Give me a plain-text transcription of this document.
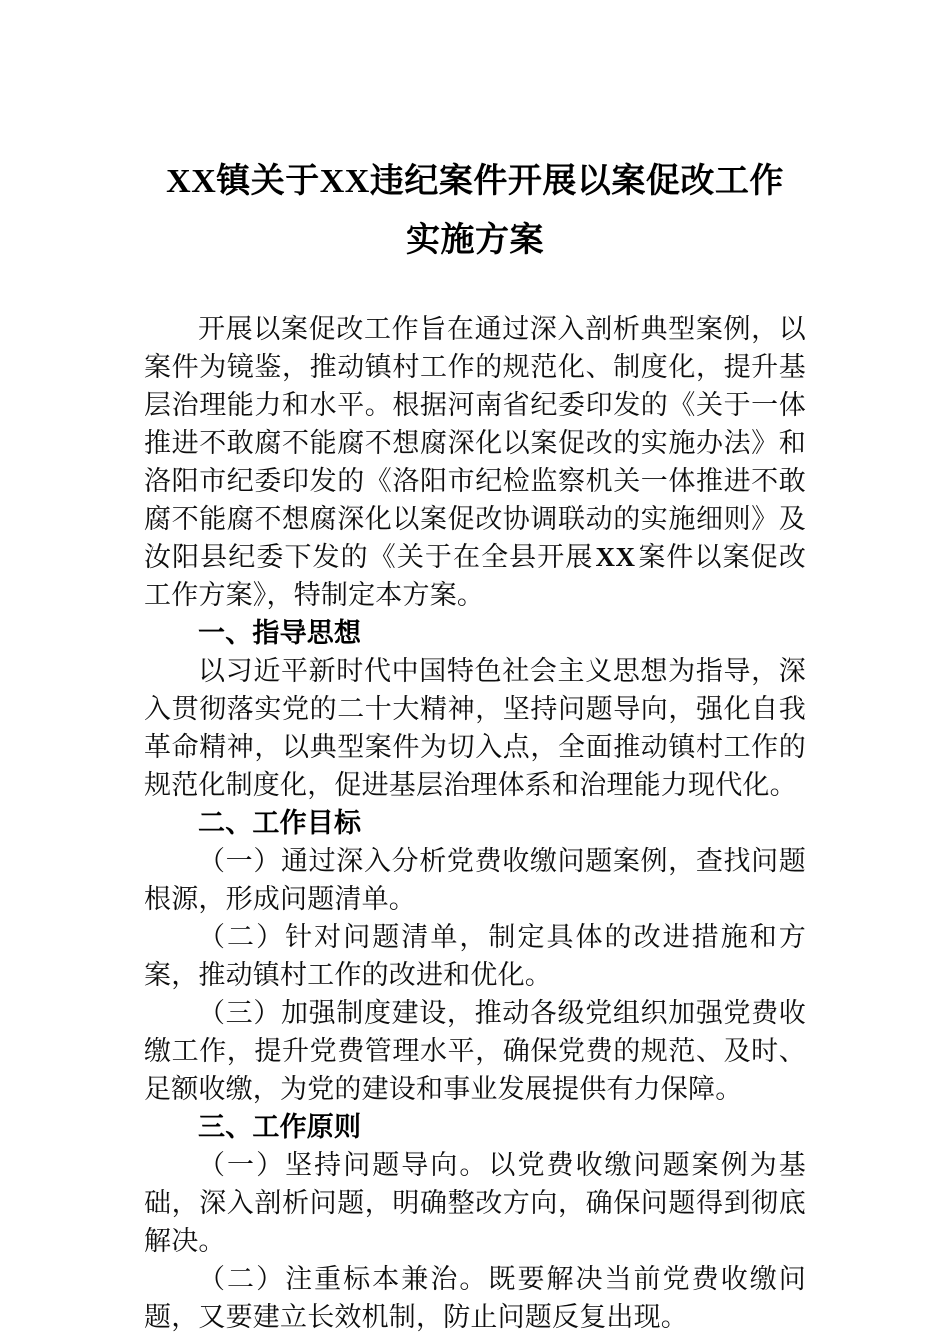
XX镇关于XX违纪案件开展以案促改工作
实施方案

开展以案促改工作旨在通过深入剖析典型案例，以案件为镜鉴，推动镇村工作的规范化、制度化，提升基层治理能力和水平。根据河南省纪委印发的《关于一体推进不敢腐不能腐不想腐深化以案促改的实施办法》和洛阳市纪委印发的《洛阳市纪检监察机关一体推进不敢腐不能腐不想腐深化以案促改协调联动的实施细则》及汝阳县纪委下发的《关于在全县开展XX案件以案促改工作方案》，特制定本方案。

一、指导思想

以习近平新时代中国特色社会主义思想为指导，深入贯彻落实党的二十大精神，坚持问题导向，强化自我革命精神，以典型案件为切入点，全面推动镇村工作的规范化制度化，促进基层治理体系和治理能力现代化。

二、工作目标

（一）通过深入分析党费收缴问题案例，查找问题根源，形成问题清单。

（二）针对问题清单，制定具体的改进措施和方案，推动镇村工作的改进和优化。

（三）加强制度建设，推动各级党组织加强党费收缴工作，提升党费管理水平，确保党费的规范、及时、足额收缴，为党的建设和事业发展提供有力保障。

三、工作原则

（一）坚持问题导向。以党费收缴问题案例为基础，深入剖析问题，明确整改方向，确保问题得到彻底解决。

（二）注重标本兼治。既要解决当前党费收缴问题，又要建立长效机制，防止问题反复出现。
